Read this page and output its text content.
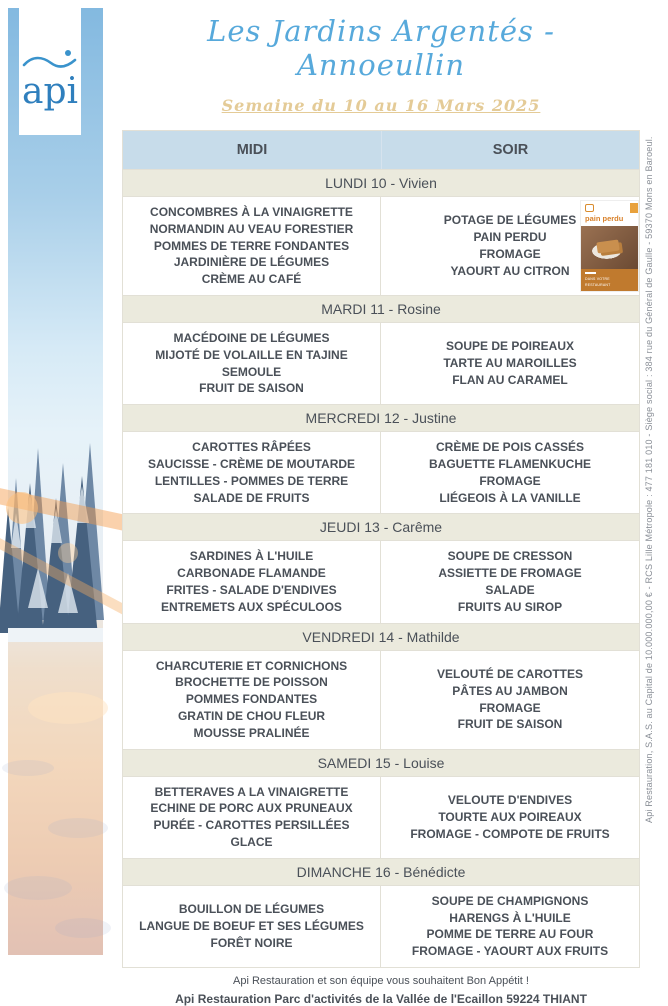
api
Les Jardins Argentés - Annoeullin
Semaine du 10 au 16 Mars 2025
MIDI	SOIR
LUNDI 10 - Vivien
CONCOMBRES À LA VINAIGRETTE
NORMANDIN AU VEAU FORESTIER
POMMES DE TERRE FONDANTES
JARDINIÈRE DE LÉGUMES
CRÈME AU CAFÉ
pain perdu
DANS VOTRE
RESTAURANT
POTAGE DE LÉGUMES
PAIN PERDU
FROMAGE
YAOURT AU CITRON
MARDI 11 - Rosine
MACÉDOINE DE LÉGUMES
MIJOTÉ DE VOLAILLE EN TAJINE
SEMOULE
FRUIT DE SAISON
SOUPE DE POIREAUX
TARTE AU MAROILLES
FLAN AU CARAMEL
MERCREDI 12 - Justine
CAROTTES RÂPÉES
SAUCISSE - CRÈME DE MOUTARDE
LENTILLES - POMMES DE TERRE
SALADE DE FRUITS
CRÈME DE POIS CASSÉS
BAGUETTE FLAMENKUCHE
FROMAGE
LIÉGEOIS À LA VANILLE
JEUDI 13 - Carême
SARDINES À L'HUILE
CARBONADE FLAMANDE
FRITES - SALADE D'ENDIVES
ENTREMETS AUX SPÉCULOOS
SOUPE DE CRESSON
ASSIETTE DE FROMAGE
SALADE
FRUITS AU SIROP
VENDREDI 14 - Mathilde
CHARCUTERIE ET CORNICHONS
BROCHETTE DE POISSON
POMMES FONDANTES
GRATIN DE CHOU FLEUR
MOUSSE PRALINÉE
VELOUTÉ DE CAROTTES
PÂTES AU JAMBON
FROMAGE
FRUIT DE SAISON
SAMEDI 15 - Louise
BETTERAVES A LA VINAIGRETTE
ECHINE DE PORC AUX PRUNEAUX
PURÉE - CAROTTES PERSILLÉES
GLACE
VELOUTE D'ENDIVES
TOURTE AUX POIREAUX
FROMAGE - COMPOTE DE FRUITS
DIMANCHE 16 - Bénédicte
BOUILLON DE LÉGUMES
LANGUE DE BOEUF ET SES LÉGUMES
FORÊT NOIRE
SOUPE DE CHAMPIGNONS
HARENGS À L'HUILE
POMME DE TERRE AU FOUR
FROMAGE - YAOURT AUX FRUITS
Api Restauration et son équipe vous souhaitent Bon Appétit !
Api Restauration Parc d'activités de la Vallée de l'Ecaillon 59224 THIANT
Api Restauration, S.A.S. au Capital de 10.000.000,00 € - RCS Lille Métropole : 477 181 010 - Siège social : 384 rue du Général de Gaulle - 59370 Mons en Baroeul.
